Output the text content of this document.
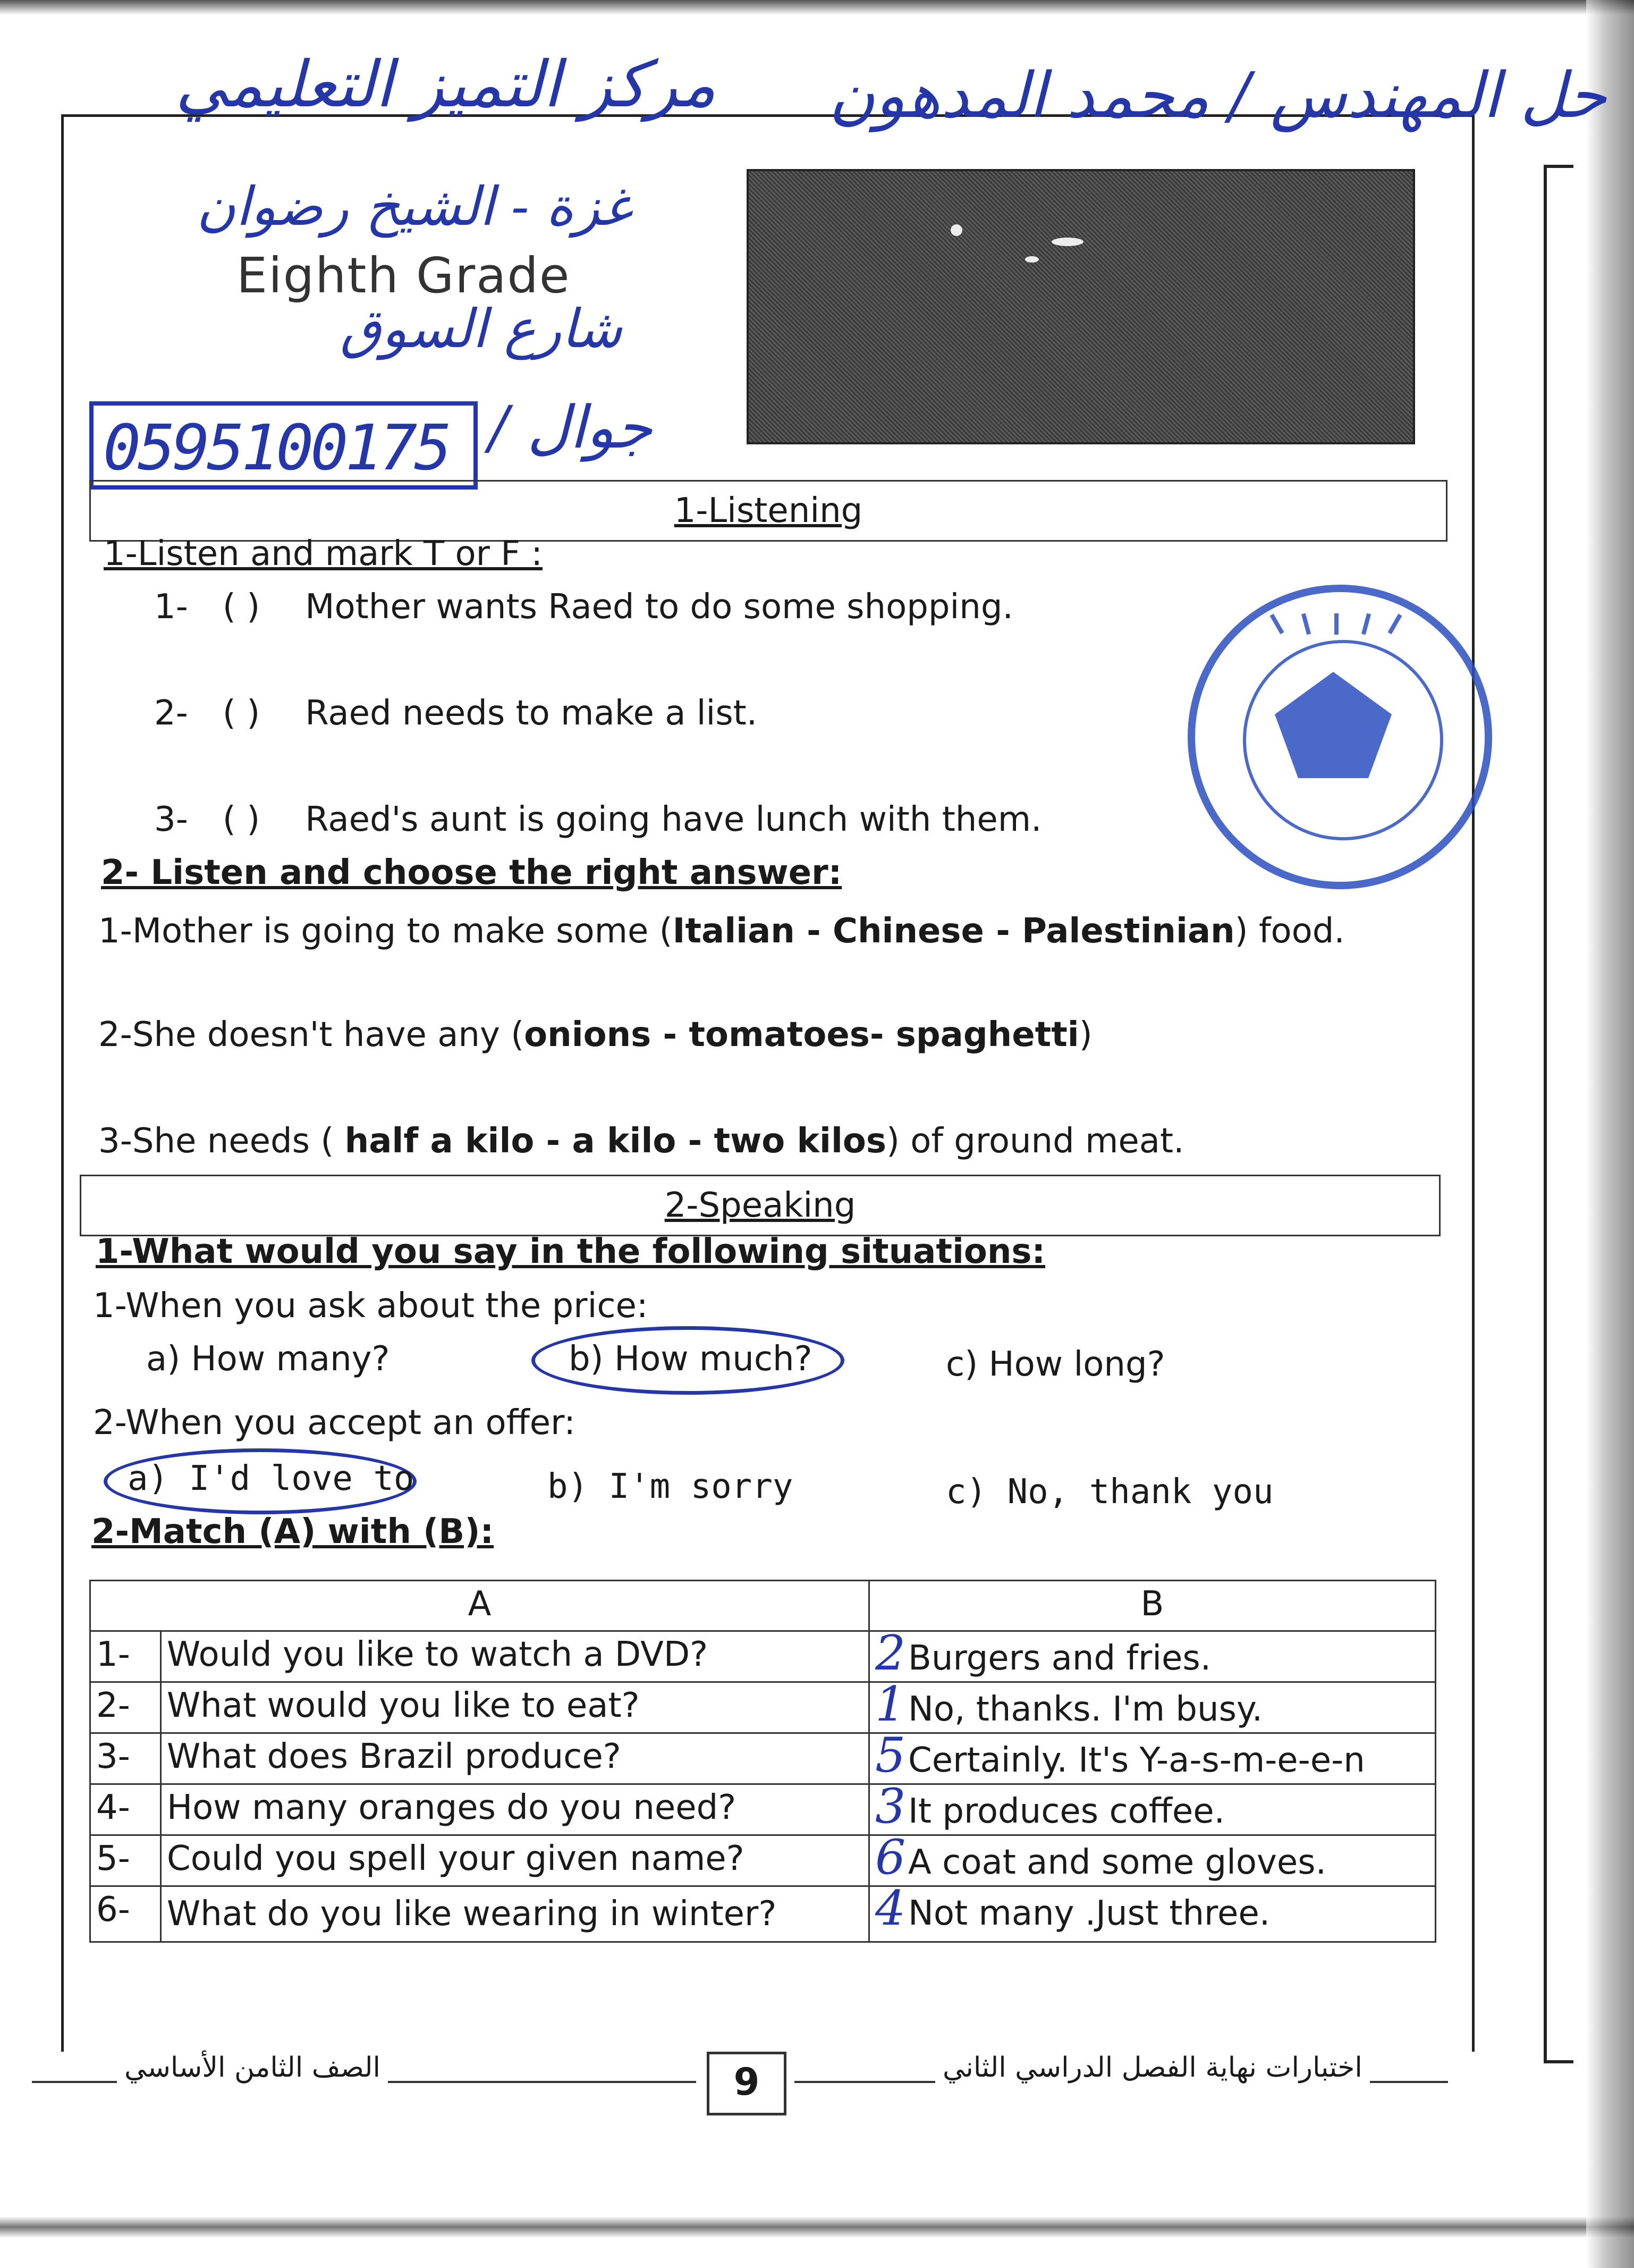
حل المهندس / محمد المدهون
مركز التميز التعليمي
غزة - الشيخ رضوان
شارع السوق
/ جوال
0595100175
Eighth Grade
1-Listening
1-Listen and mark T or F :
1- ( ) Mother wants Raed to do some shopping.
2- ( ) Raed needs to make a list.
3- ( ) Raed's aunt is going have lunch with them.
2- Listen and choose the right answer:
1-Mother is going to make some (Italian - Chinese - Palestinian) food.
2-She doesn't have any (onions - tomatoes- spaghetti)
3-She needs ( half a kilo - a kilo - two kilos) of ground meat.
2-Speaking
1-What would you say in the following situations:
1-When you ask about the price:
a) How many?	b) How much?	c) How long?
2-When you accept an offer:
a) I'd love to	b) I'm sorry	c) No, thank you
2-Match (A) with (B):
A		B
1-	Would you like to watch a DVD?	2Burgers and fries.
2-	What would you like to eat?	1No, thanks. I'm busy.
3-	What does Brazil produce?	5Certainly. It's Y-a-s-m-e-e-n
4-	How many oranges do you need?	3It produces coffee.
5-	Could you spell your given name?	6A coat and some gloves.
6-	What do you like wearing in winter?	4Not many .Just three.
الصف الثامن الأساسي	اختبارات نهاية الفصل الدراسي الثاني
9
